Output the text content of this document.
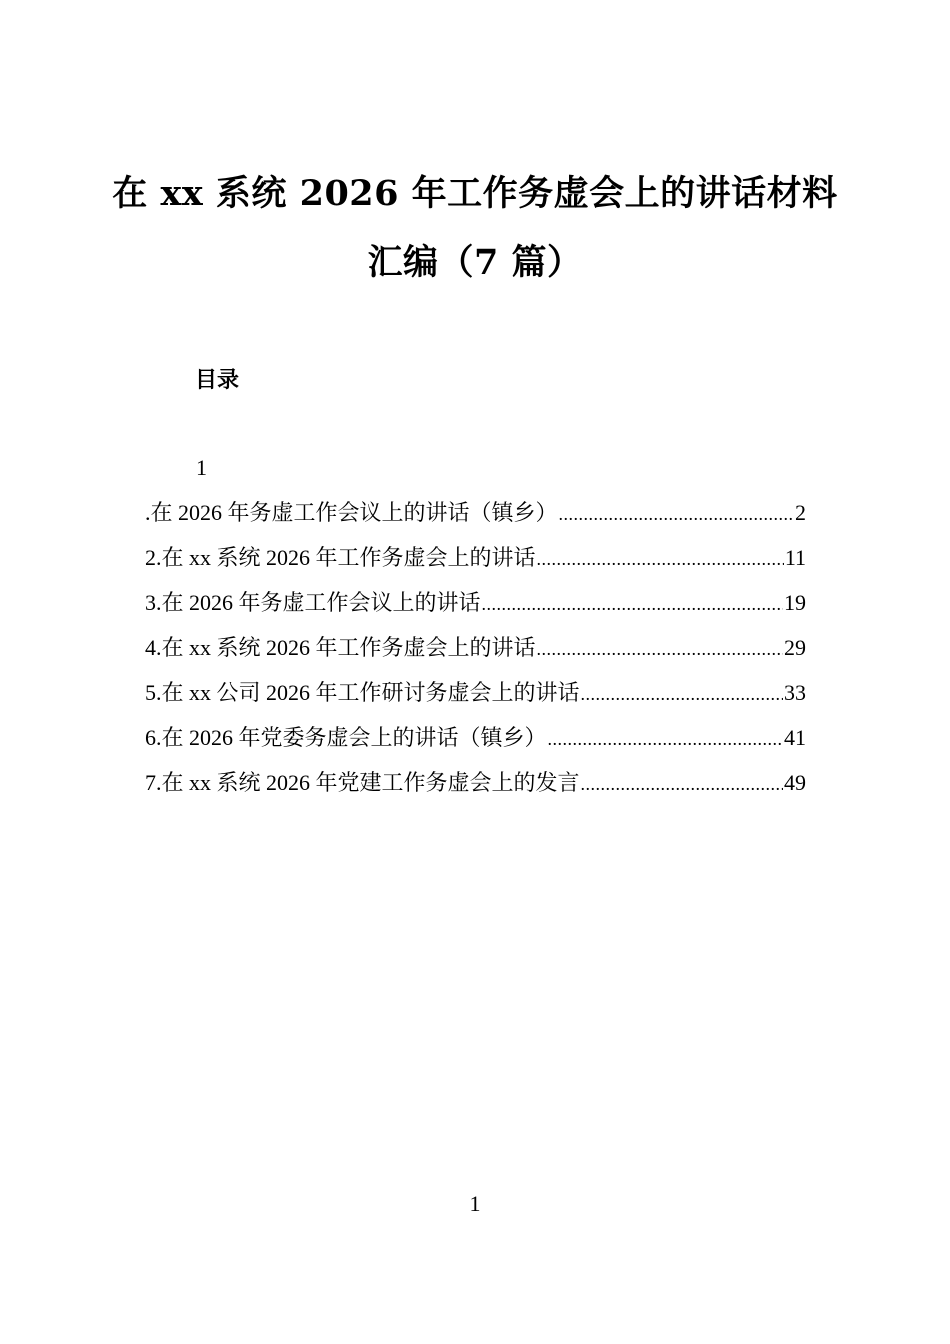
在 xx 系统 2026 年工作务虚会上的讲话材料
汇编（7 篇）
目录
1
.在 2026 年务虚工作会议上的讲话（镇乡） .....	2
2.在 xx 系统 2026 年工作务虚会上的讲话 .....	11
3.在 2026 年务虚工作会议上的讲话 .....	19
4.在 xx 系统 2026 年工作务虚会上的讲话 .....	29
5.在 xx 公司 2026 年工作研讨务虚会上的讲话 .....	33
6.在 2026 年党委务虚会上的讲话（镇乡） .....	41
7.在 xx 系统 2026 年党建工作务虚会上的发言 .....	49
1
